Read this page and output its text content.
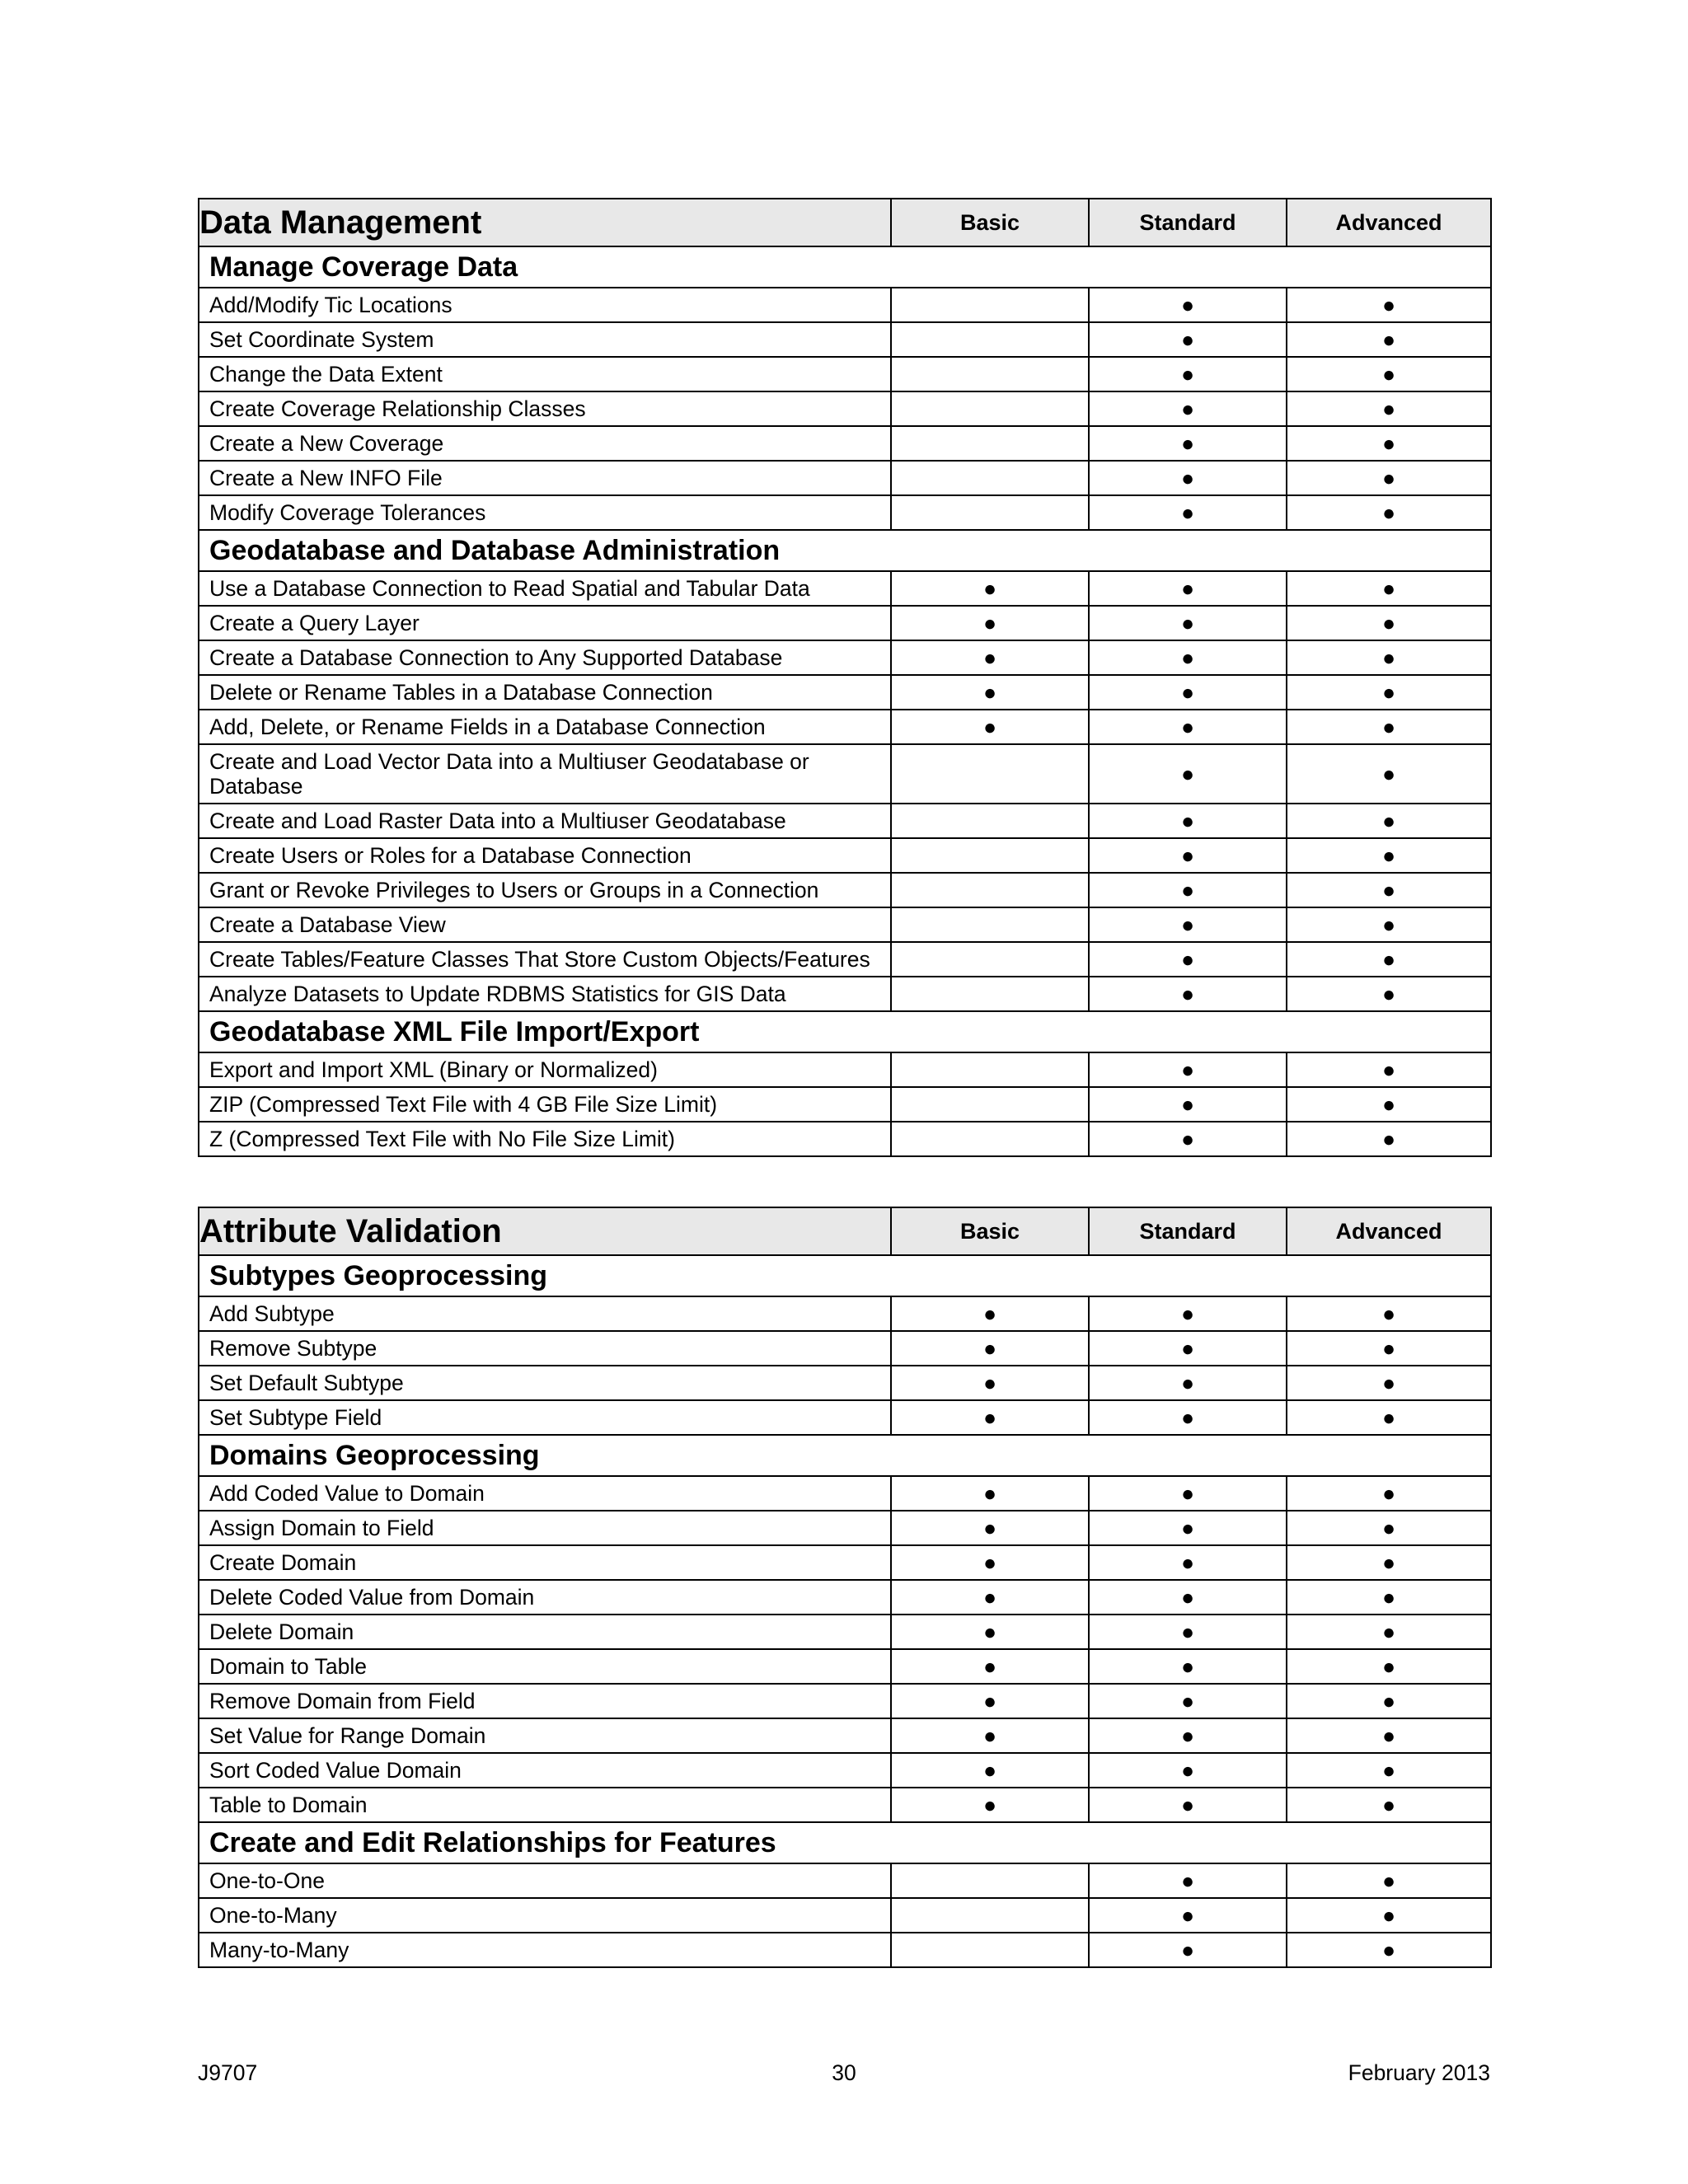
Data Management	Basic	Standard	Advanced
Manage Coverage Data			
Add/Modify Tic Locations		●	●
Set Coordinate System		●	●
Change the Data Extent		●	●
Create Coverage Relationship Classes		●	●
Create a New Coverage		●	●
Create a New INFO File		●	●
Modify Coverage Tolerances		●	●
Geodatabase and Database Administration			
Use a Database Connection to Read Spatial and Tabular Data	●	●	●
Create a Query Layer	●	●	●
Create a Database Connection to Any Supported Database	●	●	●
Delete or Rename Tables in a Database Connection	●	●	●
Add, Delete, or Rename Fields in a Database Connection	●	●	●
Create and Load Vector Data into a Multiuser Geodatabase or Database		●	●
Create and Load Raster Data into a Multiuser Geodatabase		●	●
Create Users or Roles for a Database Connection		●	●
Grant or Revoke Privileges to Users or Groups in a Connection		●	●
Create a Database View		●	●
Create Tables/Feature Classes That Store Custom Objects/Features		●	●
Analyze Datasets to Update RDBMS Statistics for GIS Data		●	●
Geodatabase XML File Import/Export			
Export and Import XML (Binary or Normalized)		●	●
ZIP (Compressed Text File with 4 GB File Size Limit)		●	●
Z (Compressed Text File with No File Size Limit)		●	●
Attribute Validation	Basic	Standard	Advanced
Subtypes Geoprocessing			
Add Subtype	●	●	●
Remove Subtype	●	●	●
Set Default Subtype	●	●	●
Set Subtype Field	●	●	●
Domains Geoprocessing			
Add Coded Value to Domain	●	●	●
Assign Domain to Field	●	●	●
Create Domain	●	●	●
Delete Coded Value from Domain	●	●	●
Delete Domain	●	●	●
Domain to Table	●	●	●
Remove Domain from Field	●	●	●
Set Value for Range Domain	●	●	●
Sort Coded Value Domain	●	●	●
Table to Domain	●	●	●
Create and Edit Relationships for Features			
One-to-One		●	●
One-to-Many		●	●
Many-to-Many		●	●
J9707	30	February 2013
